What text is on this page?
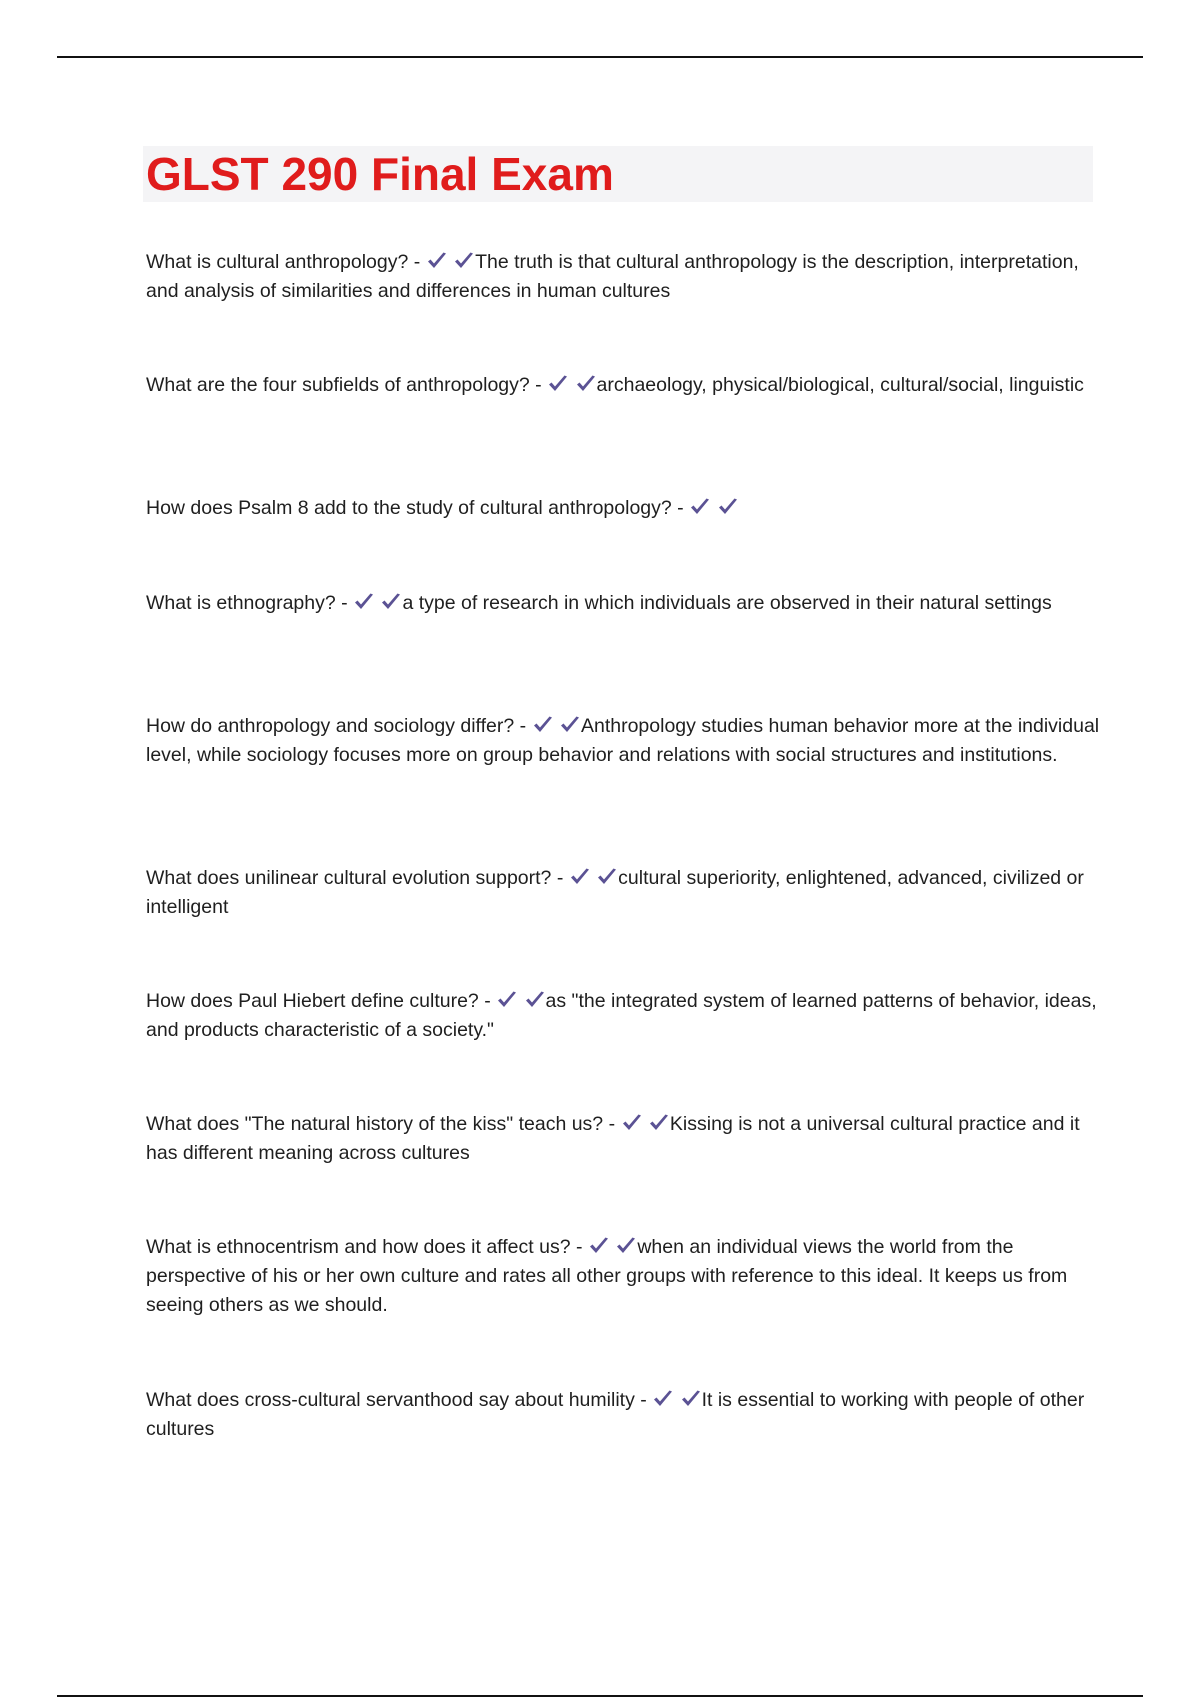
GLST 290 Final Exam

What is cultural anthropology? -	The truth is that cultural anthropology is the description, interpretation, and analysis of similarities and differences in human cultures

What are the four subfields of anthropology? -	archaeology, physical/biological, cultural/social, linguistic

How does Psalm 8 add to the study of cultural anthropology? -

What is ethnography? -	a type of research in which individuals are observed in their natural settings

How do anthropology and sociology differ? -	Anthropology studies human behavior more at the individual level, while sociology focuses more on group behavior and relations with social structures and institutions.

What does unilinear cultural evolution support? -	cultural superiority, enlightened, advanced, civilized or intelligent

How does Paul Hiebert define culture? -	as "the integrated system of learned patterns of behavior, ideas, and products characteristic of a society."

What does "The natural history of the kiss" teach us? -	Kissing is not a universal cultural practice and it has different meaning across cultures

What is ethnocentrism and how does it affect us? -	when an individual views the world from the perspective of his or her own culture and rates all other groups with reference to this ideal. It keeps us from seeing others as we should.

What does cross-cultural servanthood say about humility -	It is essential to working with people of other cultures
